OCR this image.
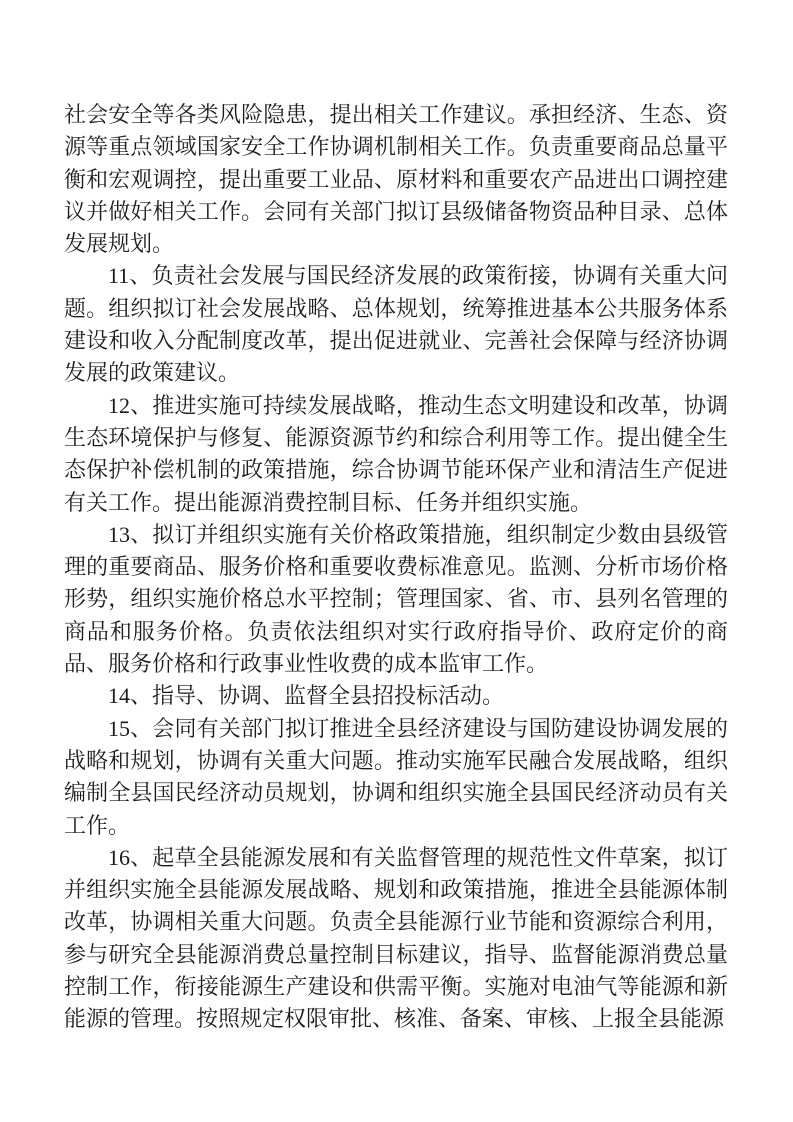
社会安全等各类风险隐患，提出相关工作建议。承担经济、生态、资源等重点领域国家安全工作协调机制相关工作。负责重要商品总量平衡和宏观调控，提出重要工业品、原材料和重要农产品进出口调控建议并做好相关工作。会同有关部门拟订县级储备物资品种目录、总体发展规划。

11、负责社会发展与国民经济发展的政策衔接，协调有关重大问题。组织拟订社会发展战略、总体规划，统筹推进基本公共服务体系建设和收入分配制度改革，提出促进就业、完善社会保障与经济协调发展的政策建议。

12、推进实施可持续发展战略，推动生态文明建设和改革，协调生态环境保护与修复、能源资源节约和综合利用等工作。提出健全生态保护补偿机制的政策措施，综合协调节能环保产业和清洁生产促进有关工作。提出能源消费控制目标、任务并组织实施。

13、拟订并组织实施有关价格政策措施，组织制定少数由县级管理的重要商品、服务价格和重要收费标准意见。监测、分析市场价格形势，组织实施价格总水平控制；管理国家、省、市、县列名管理的商品和服务价格。负责依法组织对实行政府指导价、政府定价的商品、服务价格和行政事业性收费的成本监审工作。

14、指导、协调、监督全县招投标活动。

15、会同有关部门拟订推进全县经济建设与国防建设协调发展的战略和规划，协调有关重大问题。推动实施军民融合发展战略，组织编制全县国民经济动员规划，协调和组织实施全县国民经济动员有关工作。

16、起草全县能源发展和有关监督管理的规范性文件草案，拟订并组织实施全县能源发展战略、规划和政策措施，推进全县能源体制改革，协调相关重大问题。负责全县能源行业节能和资源综合利用，参与研究全县能源消费总量控制目标建议，指导、监督能源消费总量控制工作，衔接能源生产建设和供需平衡。实施对电油气等能源和新能源的管理。按照规定权限审批、核准、备案、审核、上报全县能源
